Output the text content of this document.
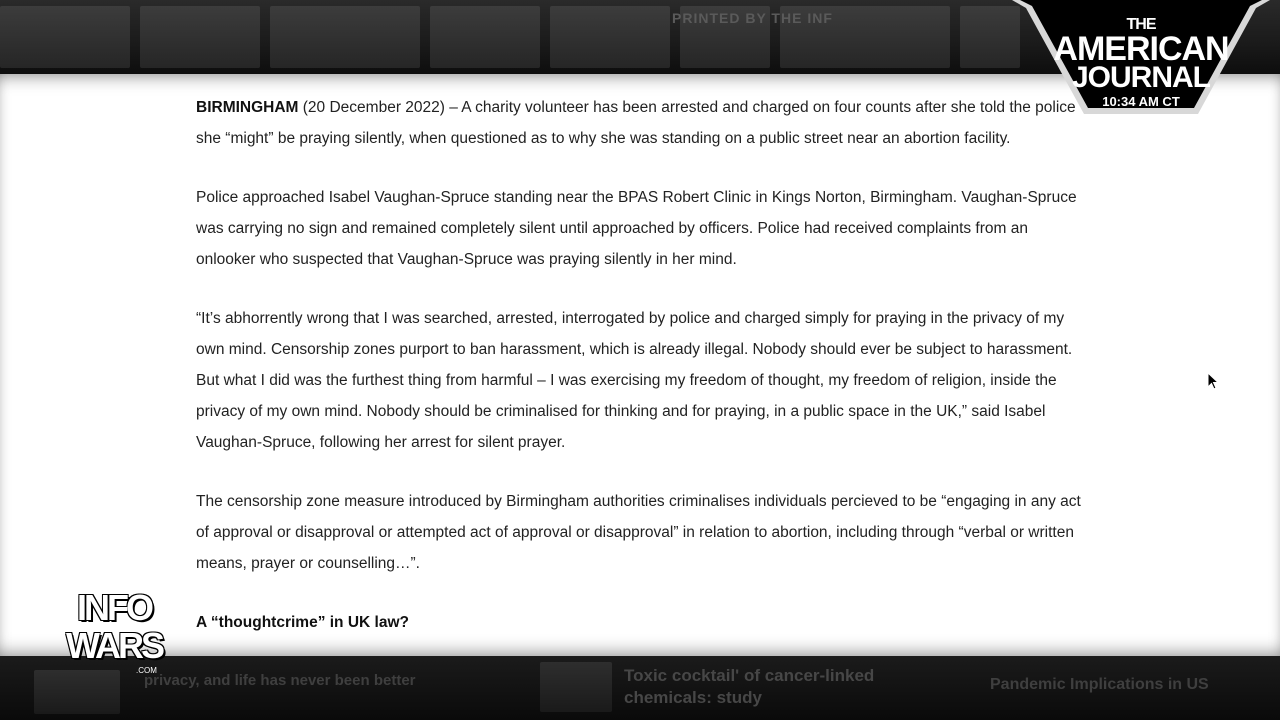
PRINTED BY THE INF

BIRMINGHAM (20 December 2022) – A charity volunteer has been arrested and charged on four counts after she told the police she “might” be praying silently, when questioned as to why she was standing on a public street near an abortion facility.

Police approached Isabel Vaughan-Spruce standing near the BPAS Robert Clinic in Kings Norton, Birmingham. Vaughan-Spruce was carrying no sign and remained completely silent until approached by officers. Police had received complaints from an onlooker who suspected that Vaughan-Spruce was praying silently in her mind.

“It’s abhorrently wrong that I was searched, arrested, interrogated by police and charged simply for praying in the privacy of my own mind. Censorship zones purport to ban harassment, which is already illegal. Nobody should ever be subject to harassment. But what I did was the furthest thing from harmful – I was exercising my freedom of thought, my freedom of religion, inside the privacy of my own mind. Nobody should be criminalised for thinking and for praying, in a public space in the UK,” said Isabel Vaughan-Spruce, following her arrest for silent prayer.

The censorship zone measure introduced by Birmingham authorities criminalises individuals percieved to be “engaging in any act of approval or disapproval or attempted act of approval or disapproval” in relation to abortion, including through “verbal or written means, prayer or counselling…”.

A “thoughtcrime” in UK law?
privacy, and life has never been better	Toxic cocktail' of cancer-linked
chemicals: study
Pandemic Implications in US
THE
AMERICAN
JOURNAL
10:34 AM CT
INFO
WARS
.COM
